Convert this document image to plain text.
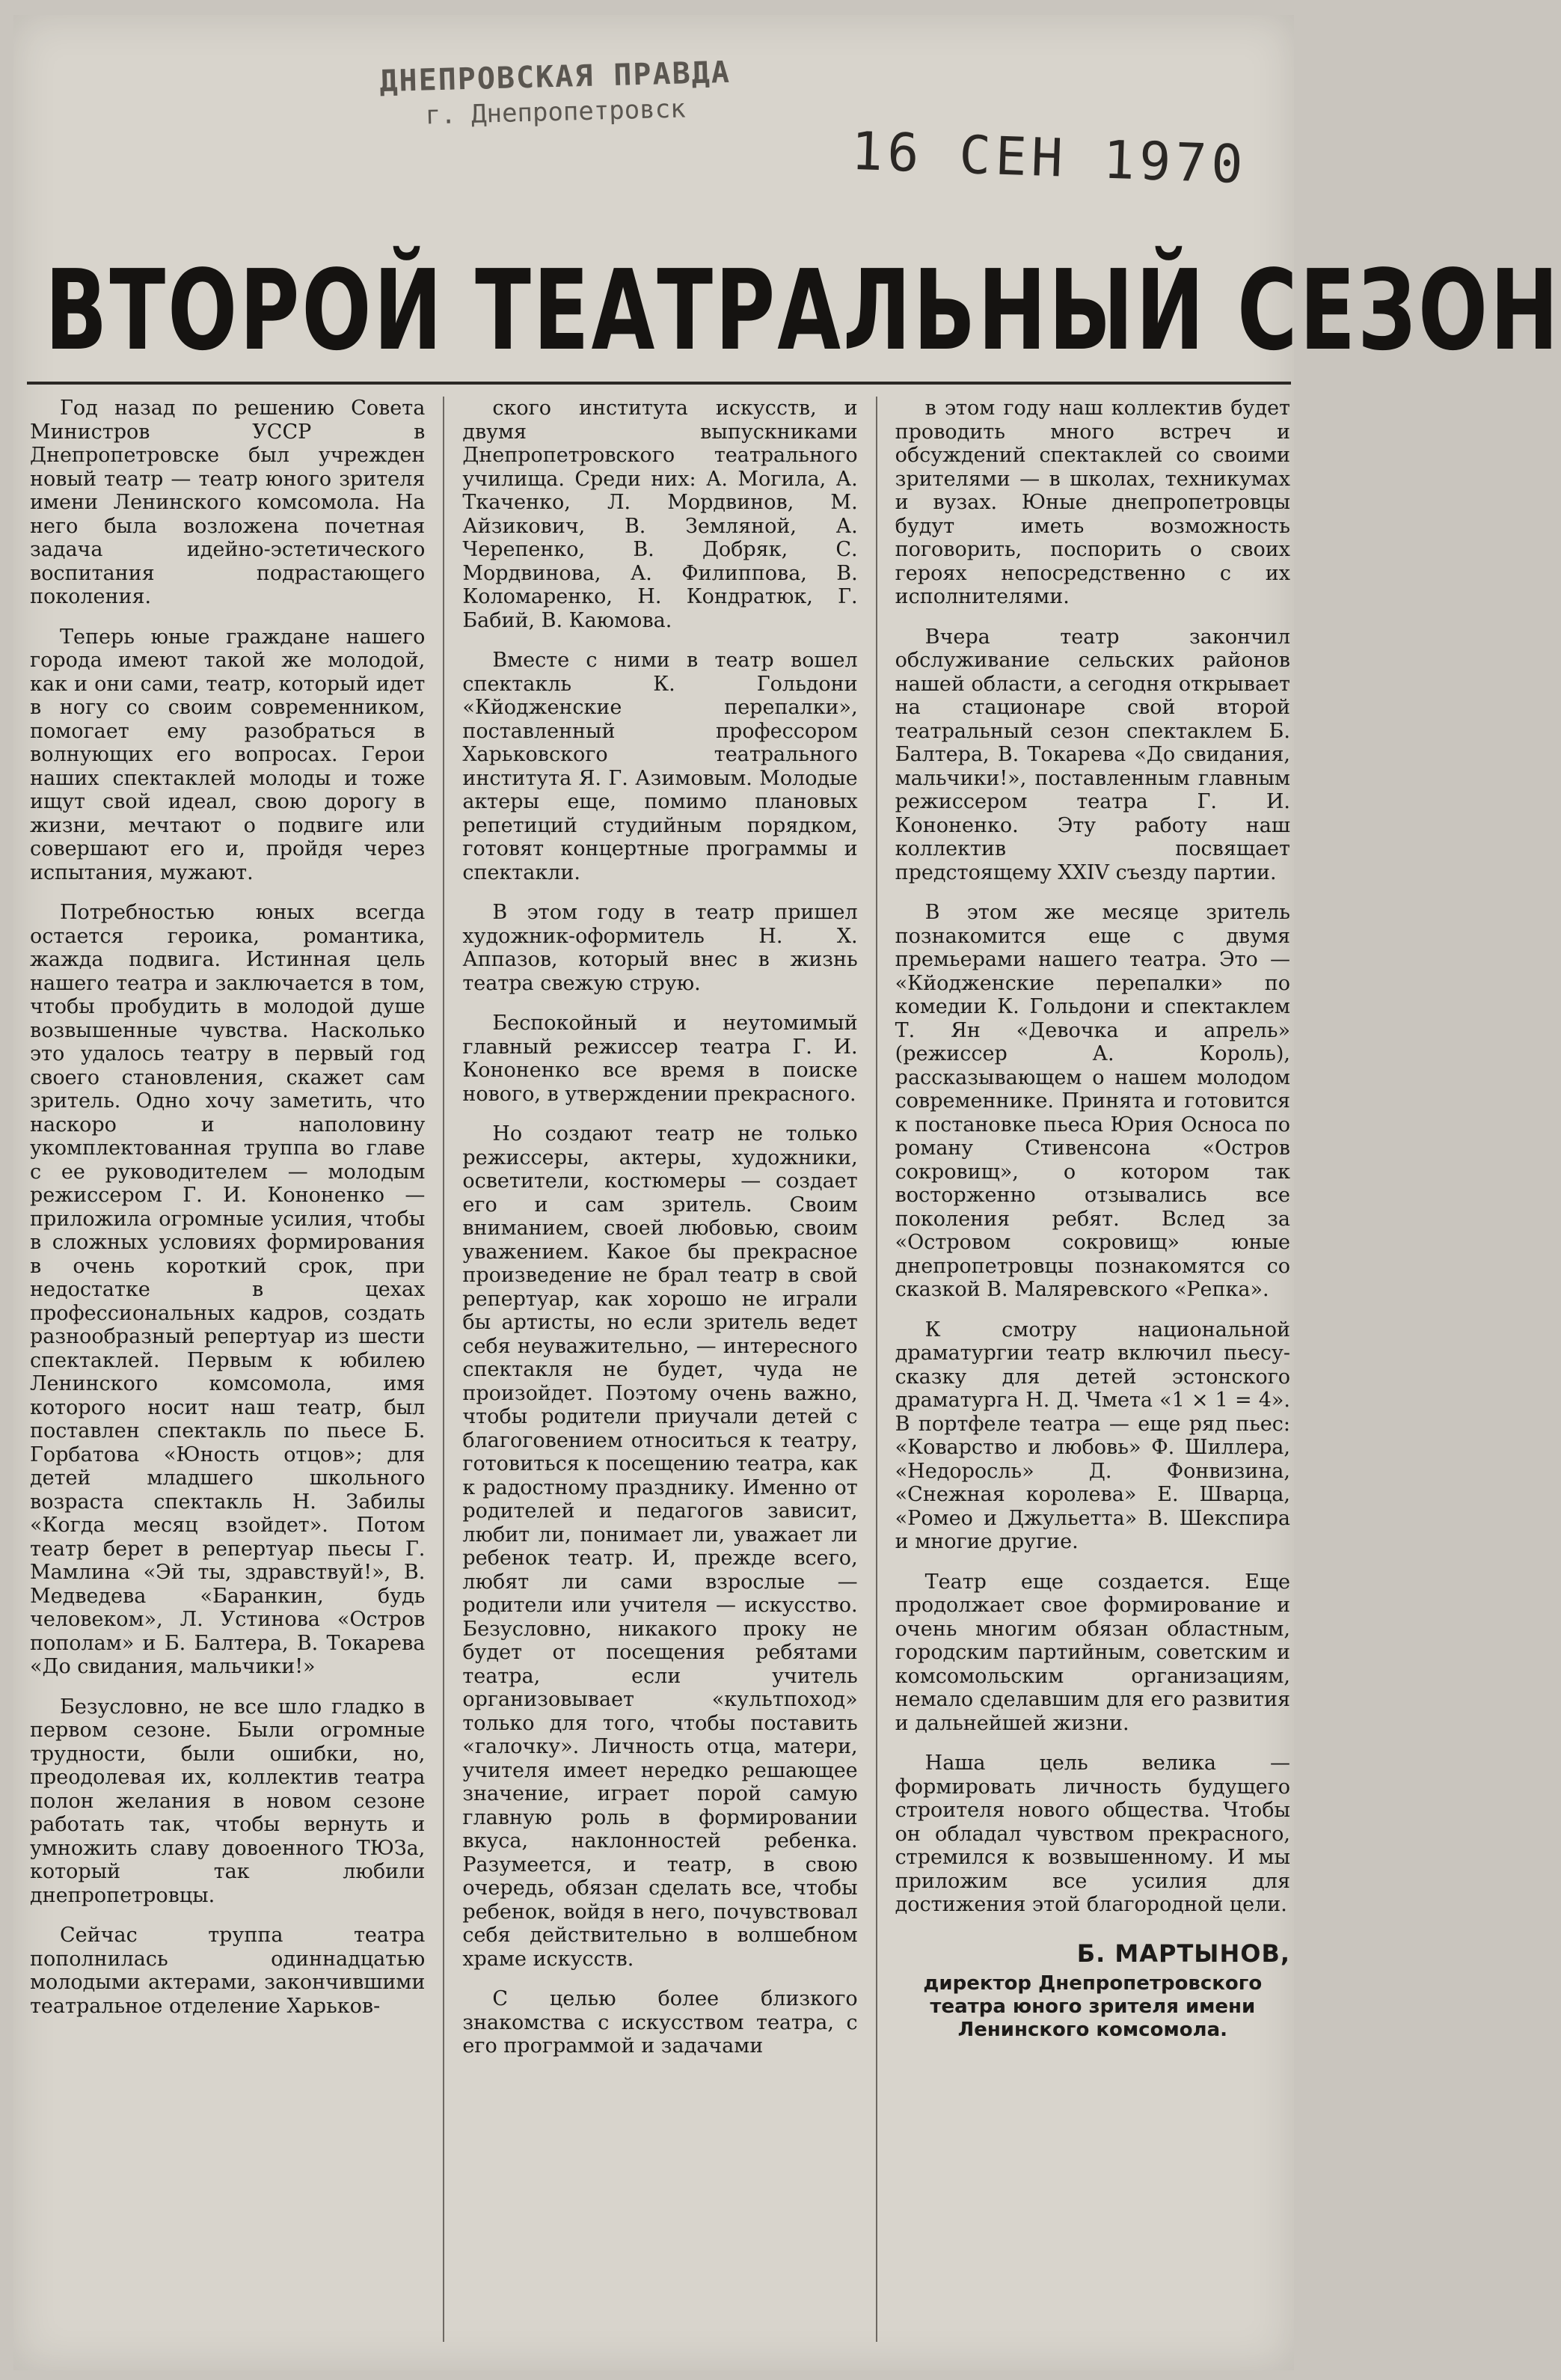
ДНЕПРОВСКАЯ ПРАВДА
г. Днепропетровск
16 СЕН 1970
ВТОРОЙ ТЕАТРАЛЬНЫЙ СЕЗОН

Год назад по решению Совета Министров УССР в Днепропетровске был учрежден новый театр — театр юного зрителя имени Ленинского комсомола. На него была возложена почетная задача идейно-эстетического воспитания подрастающего поколения.

Теперь юные граждане нашего города имеют такой же молодой, как и они сами, театр, который идет в ногу со своим современником, помогает ему разобраться в волнующих его вопросах. Герои наших спектаклей молоды и тоже ищут свой идеал, свою дорогу в жизни, мечтают о подвиге или совершают его и, пройдя через испытания, мужают.

Потребностью юных всегда остается героика, романтика, жажда подвига. Истинная цель нашего театра и заключается в том, чтобы пробудить в молодой душе возвышенные чувства. Насколько это удалось театру в первый год своего становления, скажет сам зритель. Одно хочу заметить, что наскоро и наполовину укомплектованная труппа во главе с ее руководителем — молодым режиссером Г. И. Кононенко — приложила огромные усилия, чтобы в сложных условиях формирования в очень короткий срок, при недостатке в цехах профессиональных кадров, создать разнообразный репертуар из шести спектаклей. Первым к юбилею Ленинского комсомола, имя которого носит наш театр, был поставлен спектакль по пьесе Б. Горбатова «Юность отцов»; для детей младшего школьного возраста спектакль Н. Забилы «Когда месяц взойдет». Потом театр берет в репертуар пьесы Г. Мамлина «Эй ты, здравствуй!», В. Медведева «Баранкин, будь человеком», Л. Устинова «Остров пополам» и Б. Балтера, В. Токарева «До свидания, мальчики!»

Безусловно, не все шло гладко в первом сезоне. Были огромные трудности, были ошибки, но, преодолевая их, коллектив театра полон желания в новом сезоне работать так, чтобы вернуть и умножить славу довоенного ТЮЗа, который так любили днепропетровцы.

Сейчас труппа театра пополнилась одиннадцатью молодыми актерами, закончившими театральное отделение Харьков-

ского института искусств, и двумя выпускниками Днепропетровского театрального училища. Среди них: А. Могила, А. Ткаченко, Л. Мордвинов, М. Айзикович, В. Земляной, А. Черепенко, В. Добряк, С. Мордвинова, А. Филиппова, В. Коломаренко, Н. Кондратюк, Г. Бабий, В. Каюмова.

Вместе с ними в театр вошел спектакль К. Гольдони «Кйодженские перепалки», поставленный профессором Харьковского театрального института Я. Г. Азимовым. Молодые актеры еще, помимо плановых репетиций студийным порядком, готовят концертные программы и спектакли.

В этом году в театр пришел художник-оформитель Н. Х. Аппазов, который внес в жизнь театра свежую струю.

Беспокойный и неутомимый главный режиссер театра Г. И. Кононенко все время в поиске нового, в утверждении прекрасного.

Но создают театр не только режиссеры, актеры, художники, осветители, костюмеры — создает его и сам зритель. Своим вниманием, своей любовью, своим уважением. Какое бы прекрасное произведение не брал театр в свой репертуар, как хорошо не играли бы артисты, но если зритель ведет себя неуважительно, — интересного спектакля не будет, чуда не произойдет. Поэтому очень важно, чтобы родители приучали детей с благоговением относиться к театру, готовиться к посещению театра, как к радостному празднику. Именно от родителей и педагогов зависит, любит ли, понимает ли, уважает ли ребенок театр. И, прежде всего, любят ли сами взрослые — родители или учителя — искусство. Безусловно, никакого проку не будет от посещения ребятами театра, если учитель организовывает «культпоход» только для того, чтобы поставить «галочку». Личность отца, матери, учителя имеет нередко решающее значение, играет порой самую главную роль в формировании вкуса, наклонностей ребенка. Разумеется, и театр, в свою очередь, обязан сделать все, чтобы ребенок, войдя в него, почувствовал себя действительно в волшебном храме искусств.

С целью более близкого знакомства с искусством театра, с его программой и задачами

в этом году наш коллектив будет проводить много встреч и обсуждений спектаклей со своими зрителями — в школах, техникумах и вузах. Юные днепропетровцы будут иметь возможность поговорить, поспорить о своих героях непосредственно с их исполнителями.

Вчера театр закончил обслуживание сельских районов нашей области, а сегодня открывает на стационаре свой второй театральный сезон спектаклем Б. Балтера, В. Токарева «До свидания, мальчики!», поставленным главным режиссером театра Г. И. Кононенко. Эту работу наш коллектив посвящает предстоящему XXIV съезду партии.

В этом же месяце зритель познакомится еще с двумя премьерами нашего театра. Это — «Кйодженские перепалки» по комедии К. Гольдони и спектаклем Т. Ян «Девочка и апрель» (режиссер А. Король), рассказывающем о нашем молодом современнике. Принята и готовится к постановке пьеса Юрия Осноса по роману Стивенсона «Остров сокровищ», о котором так восторженно отзывались все поколения ребят. Вслед за «Островом сокровищ» юные днепропетровцы познакомятся со сказкой В. Маляревского «Репка».

К смотру национальной драматургии театр включил пьесу-сказку для детей эстонского драматурга Н. Д. Чмета «1 × 1 = 4». В портфеле театра — еще ряд пьес: «Коварство и любовь» Ф. Шиллера, «Недоросль» Д. Фонвизина, «Снежная королева» Е. Шварца, «Ромео и Джульетта» В. Шекспира и многие другие.

Театр еще создается. Еще продолжает свое формирование и очень многим обязан областным, городским партийным, советским и комсомольским организациям, немало сделавшим для его развития и дальнейшей жизни.

Наша цель велика — формировать личность будущего строителя нового общества. Чтобы он обладал чувством прекрасного, стремился к возвышенному. И мы приложим все усилия для достижения этой благородной цели.

Б. МАРТЫНОВ,
директор Днепропетровского театра юного зрителя имени Ленинского комсомола.
